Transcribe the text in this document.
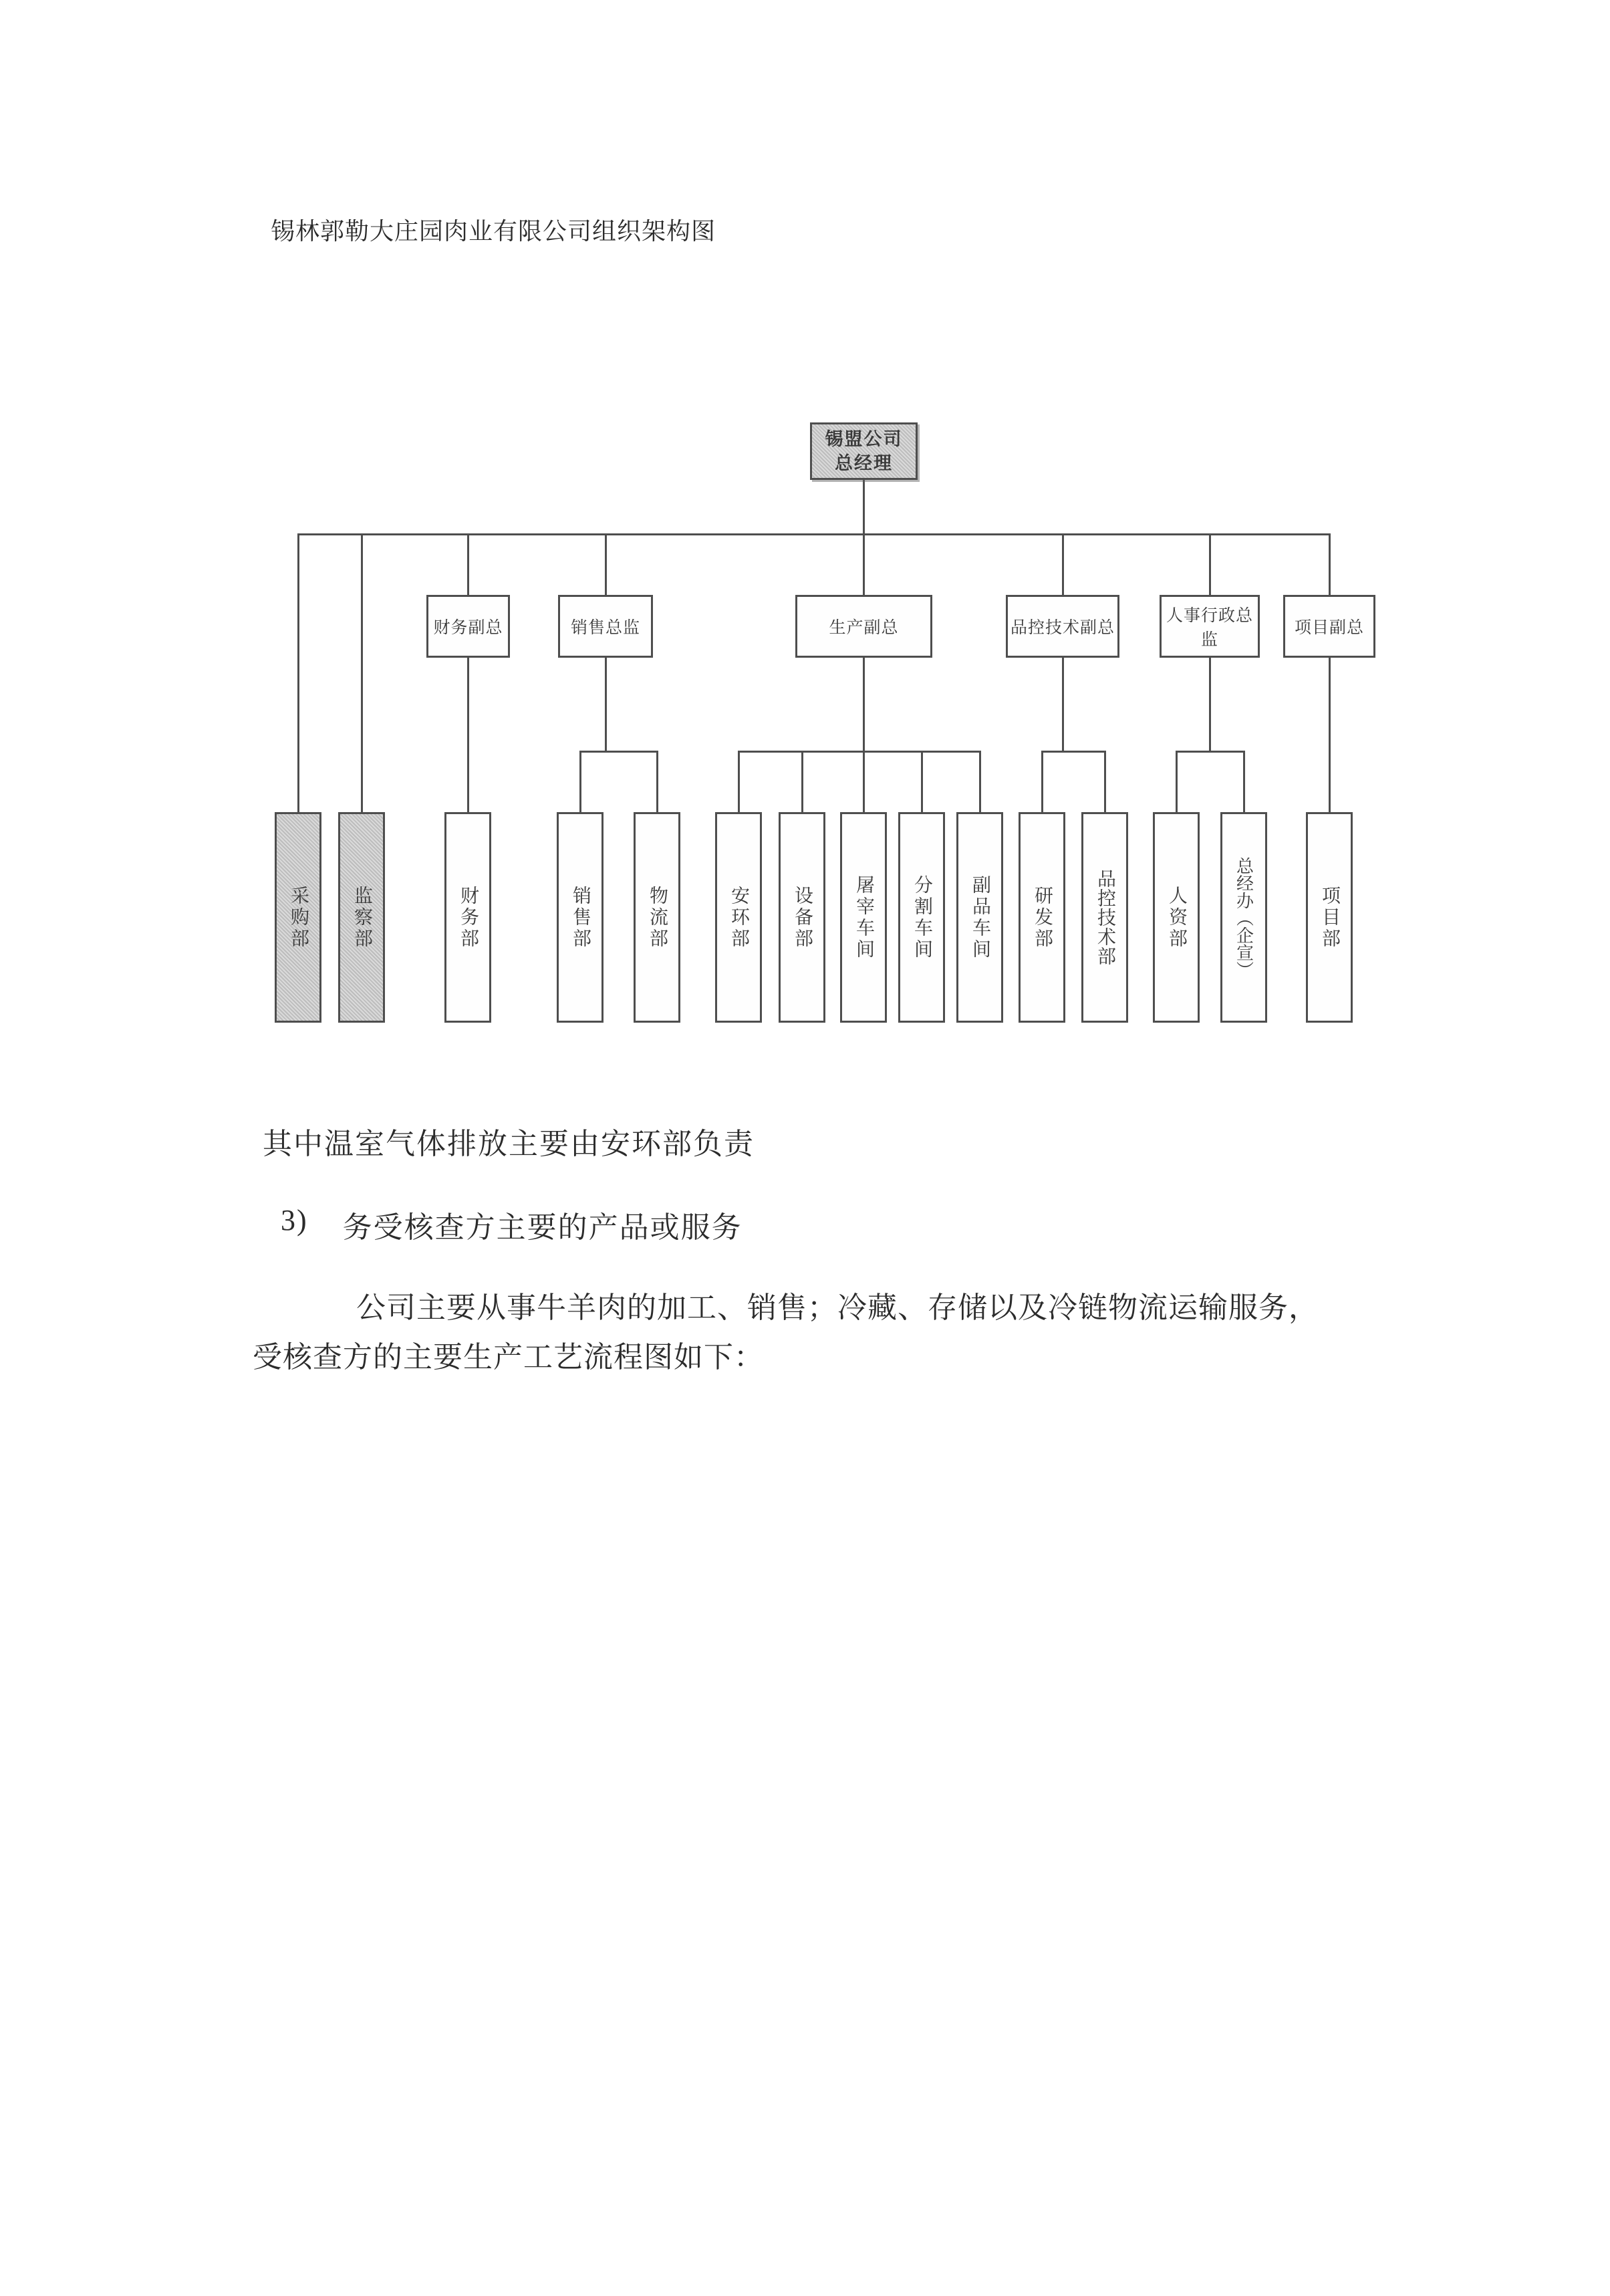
锡林郭勒大庄园肉业有限公司组织架构图
锡盟公司
总经理
财务副总	销售总监	生产副总	品控技术副总
人事行政总监
项目副总
采购部	监察部	财务部	销售部	物流部	安环部	设备部	屠宰车间	分割车间	副品车间	研发部	品控技术部	人资部	总经办（企宣）	项目部
其中温室气体排放主要由安环部负责
3) 务受核查方主要的产品或服务
公司主要从事牛羊肉的加工、销售；冷藏、存储以及冷链物流运输服务，
受核查方的主要生产工艺流程图如下：
